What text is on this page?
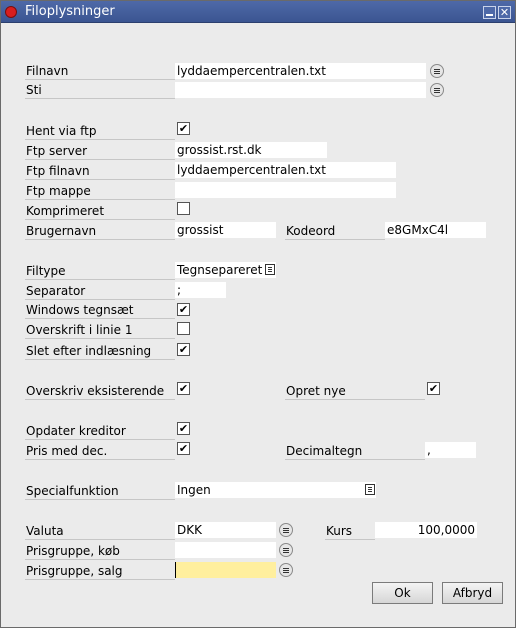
Filoplysninger	✕
Filnavn	lyddaempercentralen.txt
Sti
Hent via ftp	✔
Ftp server	grossist.rst.dk
Ftp filnavn	lyddaempercentralen.txt
Ftp mappe
Komprimeret
Brugernavn	grossist	Kodeord	e8GMxC4l
Filtype	Tegnsepareret
Separator	;
Windows tegnsæt	✔
Overskrift i linie 1
Slet efter indlæsning	✔
Overskriv eksisterende	✔	Opret nye	✔
Opdater kreditor	✔
Pris med dec.	✔	Decimaltegn	,
Specialfunktion	Ingen
Valuta	DKK	Kurs	100,0000
Prisgruppe, køb
Prisgruppe, salg
Ok	Afbryd
